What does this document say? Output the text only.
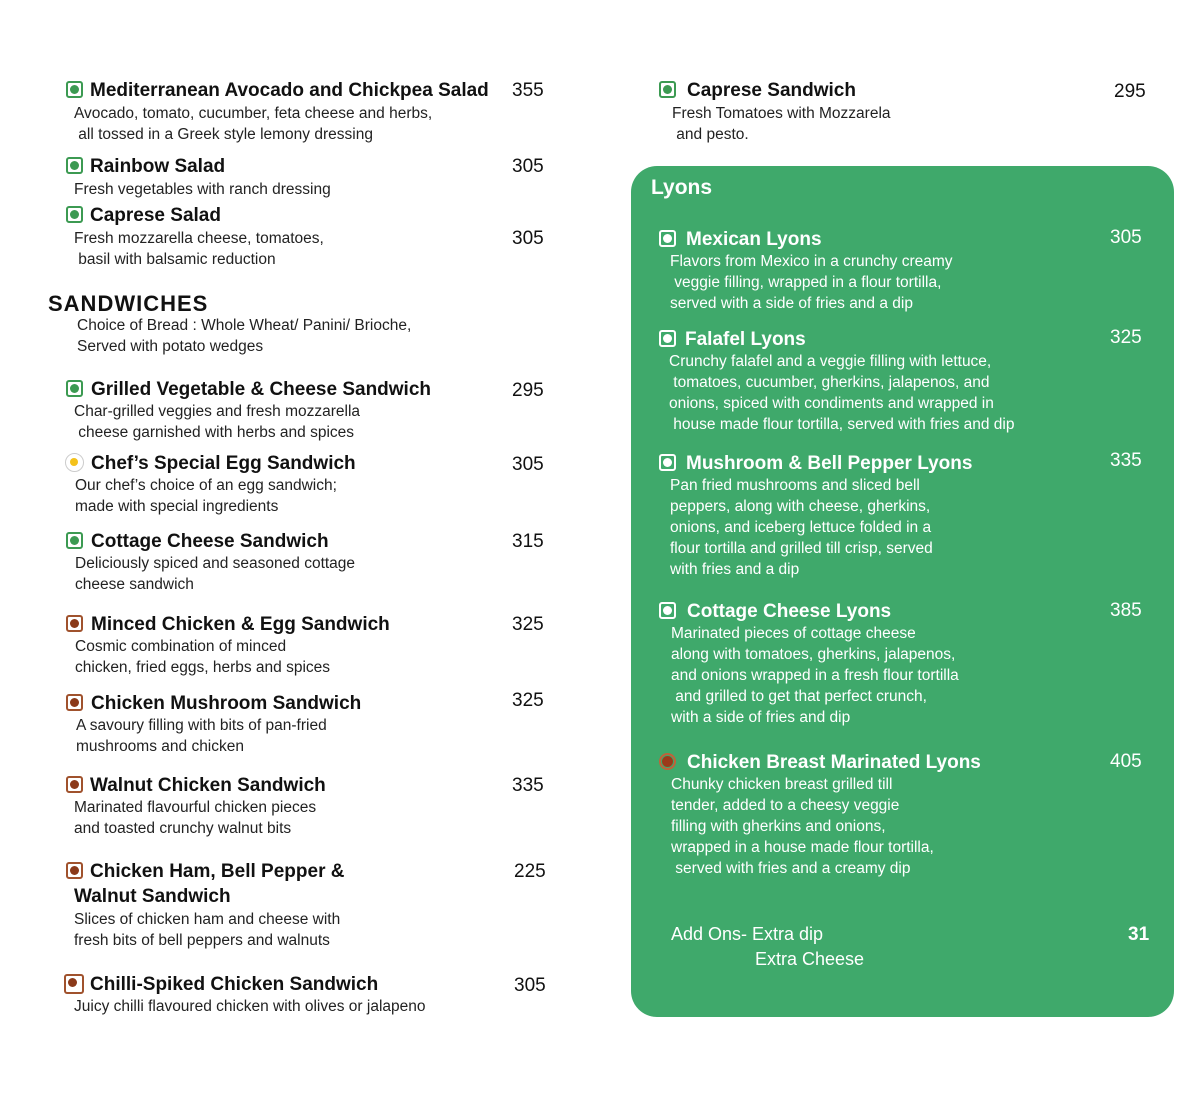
Mediterranean Avocado and Chickpea Salad
Avocado, tomato, cucumber, feta cheese and herbs,
all tossed in a Greek style lemony dressing
355
Rainbow Salad
Fresh vegetables with ranch dressing
305
Caprese Salad
Fresh mozzarella cheese, tomatoes,
basil with balsamic reduction
305
SANDWICHES
Choice of Bread : Whole Wheat/ Panini/ Brioche,
Served with potato wedges
Grilled Vegetable & Cheese Sandwich
Char-grilled veggies and fresh mozzarella
cheese garnished with herbs and spices
295
Chef’s Special Egg Sandwich
Our chef’s choice of an egg sandwich;
made with special ingredients
305
Cottage Cheese Sandwich
Deliciously spiced and seasoned cottage
cheese sandwich
315
Minced Chicken & Egg Sandwich
Cosmic combination of minced
chicken, fried eggs, herbs and spices
325
Chicken Mushroom Sandwich
A savoury filling with bits of pan-fried
mushrooms and chicken
325
Walnut Chicken Sandwich
Marinated flavourful chicken pieces
and toasted crunchy walnut bits
335
Chicken Ham, Bell Pepper &
Walnut Sandwich
Slices of chicken ham and cheese with
fresh bits of bell peppers and walnuts
225
Chilli-Spiked Chicken Sandwich
Juicy chilli flavoured chicken with olives or jalapeno
305
Caprese Sandwich
Fresh Tomatoes with Mozzarela
and pesto.
295
Lyons
Mexican Lyons
Flavors from Mexico in a crunchy creamy
veggie filling, wrapped in a flour tortilla,
served with a side of fries and a dip
305
Falafel Lyons
Crunchy falafel and a veggie filling with lettuce,
tomatoes, cucumber, gherkins, jalapenos, and
onions, spiced with condiments and wrapped in
house made flour tortilla, served with fries and dip
325
Mushroom & Bell Pepper Lyons
Pan fried mushrooms and sliced bell
peppers, along with cheese, gherkins,
onions, and iceberg lettuce folded in a
flour tortilla and grilled till crisp, served
with fries and a dip
335
Cottage Cheese Lyons
Marinated pieces of cottage cheese
along with tomatoes, gherkins, jalapenos,
and onions wrapped in a fresh flour tortilla
and grilled to get that perfect crunch,
with a side of fries and dip
385
Chicken Breast Marinated Lyons
Chunky chicken breast grilled till
tender, added to a cheesy veggie
filling with gherkins and onions,
wrapped in a house made flour tortilla,
served with fries and a creamy dip
405
Add Ons- Extra dip
Extra Cheese
31
